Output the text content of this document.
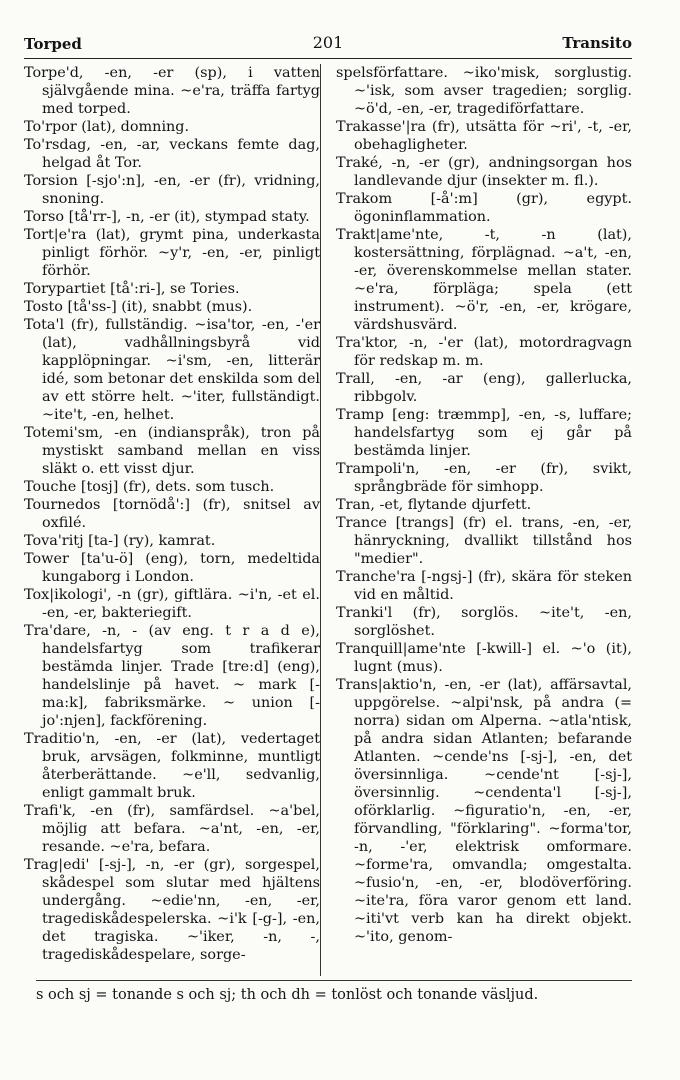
Torped	201	Transito

Torpe'd, -en, -er (sp), i vatten självgående mina. ~e'ra, träffa fartyg med torped.

To'rpor (lat), domning.

To'rsdag, -en, -ar, veckans femte dag, helgad åt Tor.

Torsion [-sjo':n], -en, -er (fr), vridning, snoning.

Torso [tå'rr-], -n, -er (it), stympad staty.

Tort|e'ra (lat), grymt pina, underkasta pinligt förhör. ~y'r, -en, -er, pinligt förhör.

Torypartiet [tå':ri-], se Tories.

Tosto [tå'ss-] (it), snabbt (mus).

Tota'l (fr), fullständig. ~isa'tor, -en, -'er (lat), vadhållningsbyrå vid kapplöpningar. ~i'sm, -en, litterär idé, som betonar det enskilda som del av ett större helt. ~'iter, fullständigt. ~ite't, -en, helhet.

Totemi'sm, -en (indianspråk), tron på mystiskt samband mellan en viss släkt o. ett visst djur.

Touche [tosj] (fr), dets. som tusch.

Tournedos [tornödå':] (fr), snitsel av oxfilé.

Tova'ritj [ta-] (ry), kamrat.

Tower [ta'u-ö] (eng), torn, medeltida kungaborg i London.

Tox|ikologi', -n (gr), giftlära. ~i'n, -et el. -en, -er, bakteriegift.

Tra'dare, -n, - (av eng. t r a d e), handelsfartyg som trafikerar bestämda linjer. Trade [tre:d] (eng), handelslinje på havet. ~ mark [- ma:k], fabriksmärke. ~ union [- jo':njen], fackförening.

Traditio'n, -en, -er (lat), vedertaget bruk, arvsägen, folkminne, muntligt återberättande. ~e'll, sedvanlig, enligt gammalt bruk.

Trafi'k, -en (fr), samfärdsel. ~a'bel, möjlig att befara. ~a'nt, -en, -er, resande. ~e'ra, befara.

Trag|edi' [-sj-], -n, -er (gr), sorgespel, skådespel som slutar med hjältens undergång. ~edie'nn, -en, -er, tragediskådespelerska. ~i'k [-g-], -en, det tragiska. ~'iker, -n, -, tragediskådespelare, sorge-

spelsförfattare. ~iko'misk, sorglustig. ~'isk, som avser tragedien; sorglig. ~ö'd, -en, -er, tragediförfattare.

Trakasse'|ra (fr), utsätta för ~ri', -t, -er, obehagligheter.

Traké, -n, -er (gr), andningsorgan hos landlevande djur (insekter m. fl.).

Trakom [-å':m] (gr), egypt. ögoninflammation.

Trakt|ame'nte, -t, -n (lat), kostersättning, förplägnad. ~a't, -en, -er, överenskommelse mellan stater. ~e'ra, förpläga; spela (ett instrument). ~ö'r, -en, -er, krögare, värdshusvärd.

Tra'ktor, -n, -'er (lat), motordragvagn för redskap m. m.

Trall, -en, -ar (eng), gallerlucka, ribbgolv.

Tramp [eng: træmmp], -en, -s, luffare; handelsfartyg som ej går på bestämda linjer.

Trampoli'n, -en, -er (fr), svikt, språngbräde för simhopp.

Tran, -et, flytande djurfett.

Trance [trangs] (fr) el. trans, -en, -er, hänryckning, dvallikt tillstånd hos "medier".

Tranche'ra [-ngsj-] (fr), skära för steken vid en måltid.

Tranki'l (fr), sorglös. ~ite't, -en, sorglöshet.

Tranquill|ame'nte [-kwill-] el. ~'o (it), lugnt (mus).

Trans|aktio'n, -en, -er (lat), affärsavtal, uppgörelse. ~alpi'nsk, på andra (= norra) sidan om Alperna. ~atla'ntisk, på andra sidan Atlanten; befarande Atlanten. ~cende'ns [-sj-], -en, det översinnliga. ~cende'nt [-sj-], översinnlig. ~cendenta'l [-sj-], oförklarlig. ~figuratio'n, -en, -er, förvandling, "förklaring". ~forma'tor, -n, -'er, elektrisk omformare. ~forme'ra, omvandla; omgestalta. ~fusio'n, -en, -er, blodöverföring. ~ite'ra, föra varor genom ett land. ~iti'vt verb kan ha direkt objekt. ~'ito, genom-

s och sj = tonande s och sj; th och dh = tonlöst och tonande väsljud.
